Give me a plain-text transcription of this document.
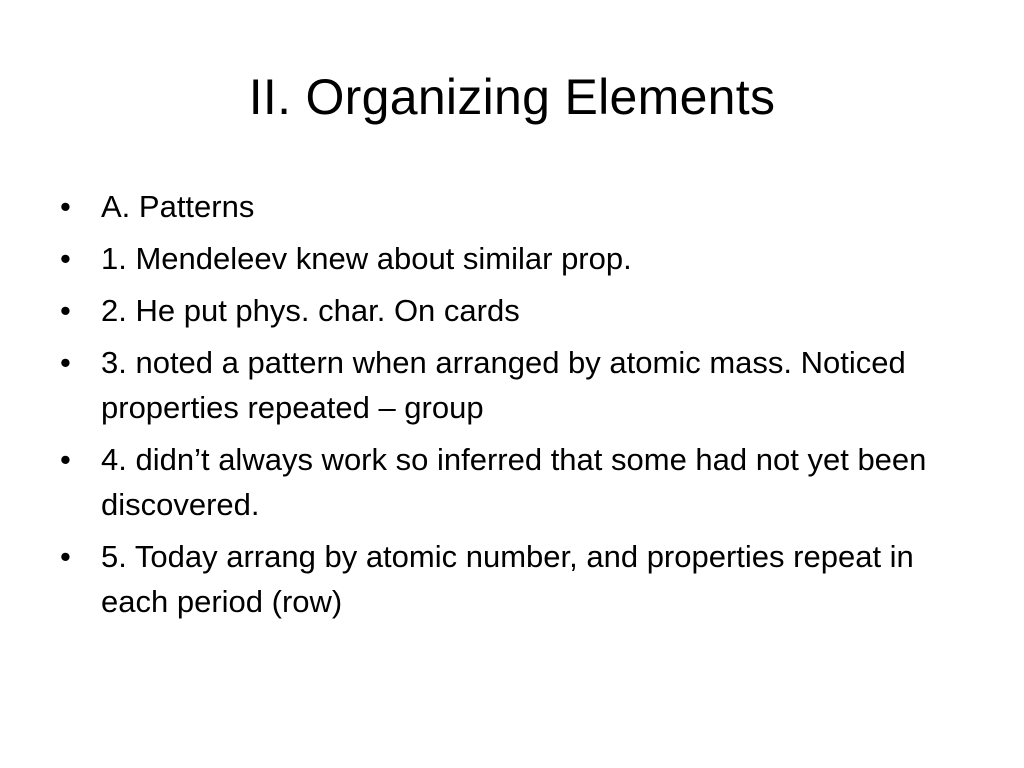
II. Organizing Elements
• A. Patterns
• 1. Mendeleev knew about similar prop.
• 2. He put phys. char. On cards
• 3. noted a pattern when arranged by atomic mass. Noticed properties repeated – group
• 4. didn’t always work so inferred that some had not yet been discovered.
• 5. Today arrang by atomic number, and properties repeat in each period (row)
